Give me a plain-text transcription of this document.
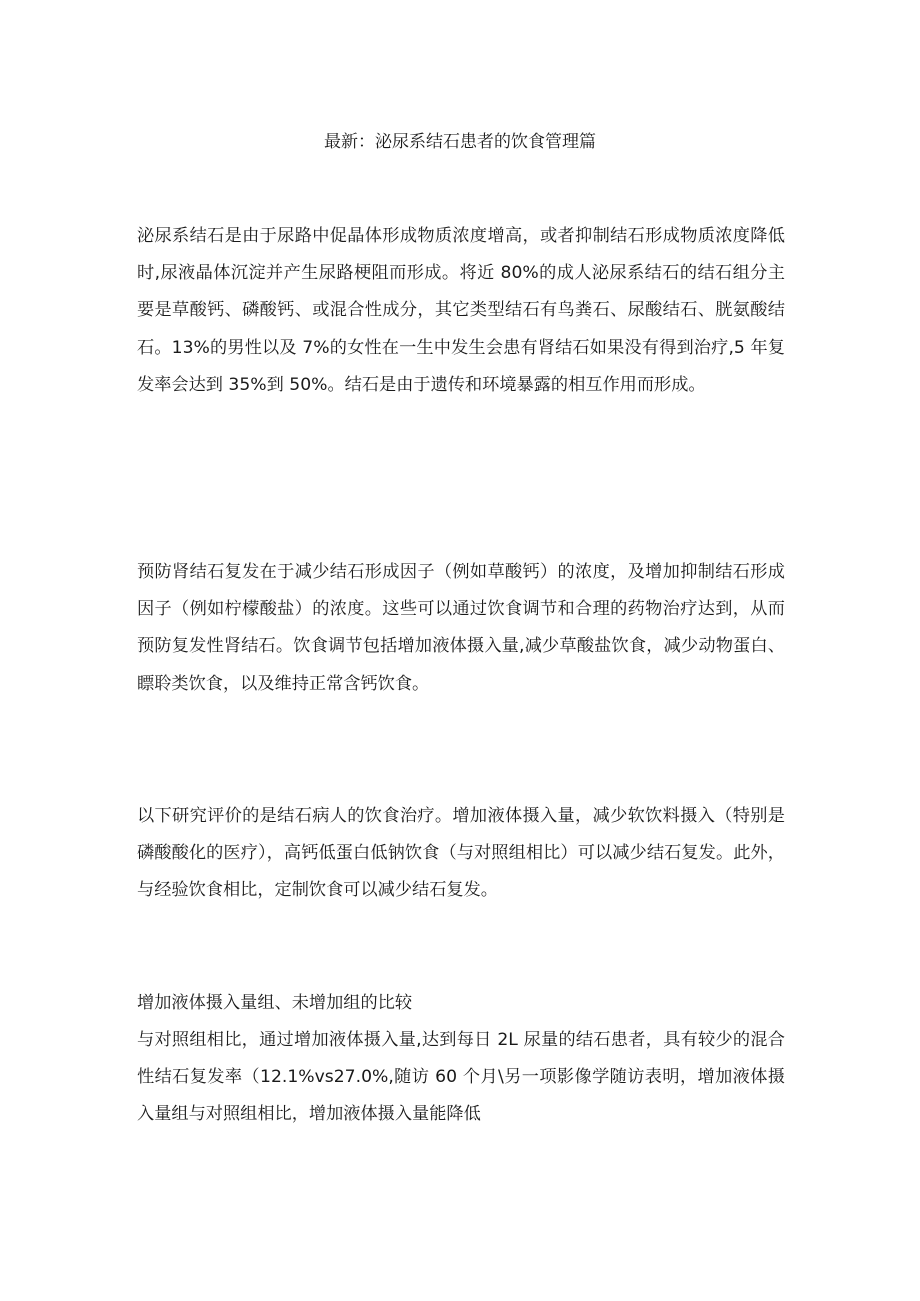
最新：泌尿系结石患者的饮食管理篇

泌尿系结石是由于尿路中促晶体形成物质浓度增高，或者抑制结石形成物质浓度降低时,尿液晶体沉淀并产生尿路梗阻而形成。将近 80%的成人泌尿系结石的结石组分主要是草酸钙、磷酸钙、或混合性成分，其它类型结石有鸟粪石、尿酸结石、胱氨酸结石。13%的男性以及 7%的女性在一生中发生会患有肾结石如果没有得到治疗,5 年复发率会达到 35%到 50%。结石是由于遗传和环境暴露的相互作用而形成。

预防肾结石复发在于减少结石形成因子（例如草酸钙）的浓度，及增加抑制结石形成因子（例如柠檬酸盐）的浓度。这些可以通过饮食调节和合理的药物治疗达到，从而预防复发性肾结石。饮食调节包括增加液体摄入量,减少草酸盐饮食，减少动物蛋白、瞟聆类饮食，以及维持正常含钙饮食。

以下研究评价的是结石病人的饮食治疗。增加液体摄入量，减少软饮料摄入（特别是磷酸酸化的医疗），高钙低蛋白低钠饮食（与对照组相比）可以减少结石复发。此外，与经验饮食相比，定制饮食可以减少结石复发。

增加液体摄入量组、未增加组的比较

与对照组相比，通过增加液体摄入量,达到每日 2L 尿量的结石患者，具有较少的混合性结石复发率（12.1%vs27.0%,随访 60 个月\另一项影像学随访表明，增加液体摄入量组与对照组相比，增加液体摄入量能降低
